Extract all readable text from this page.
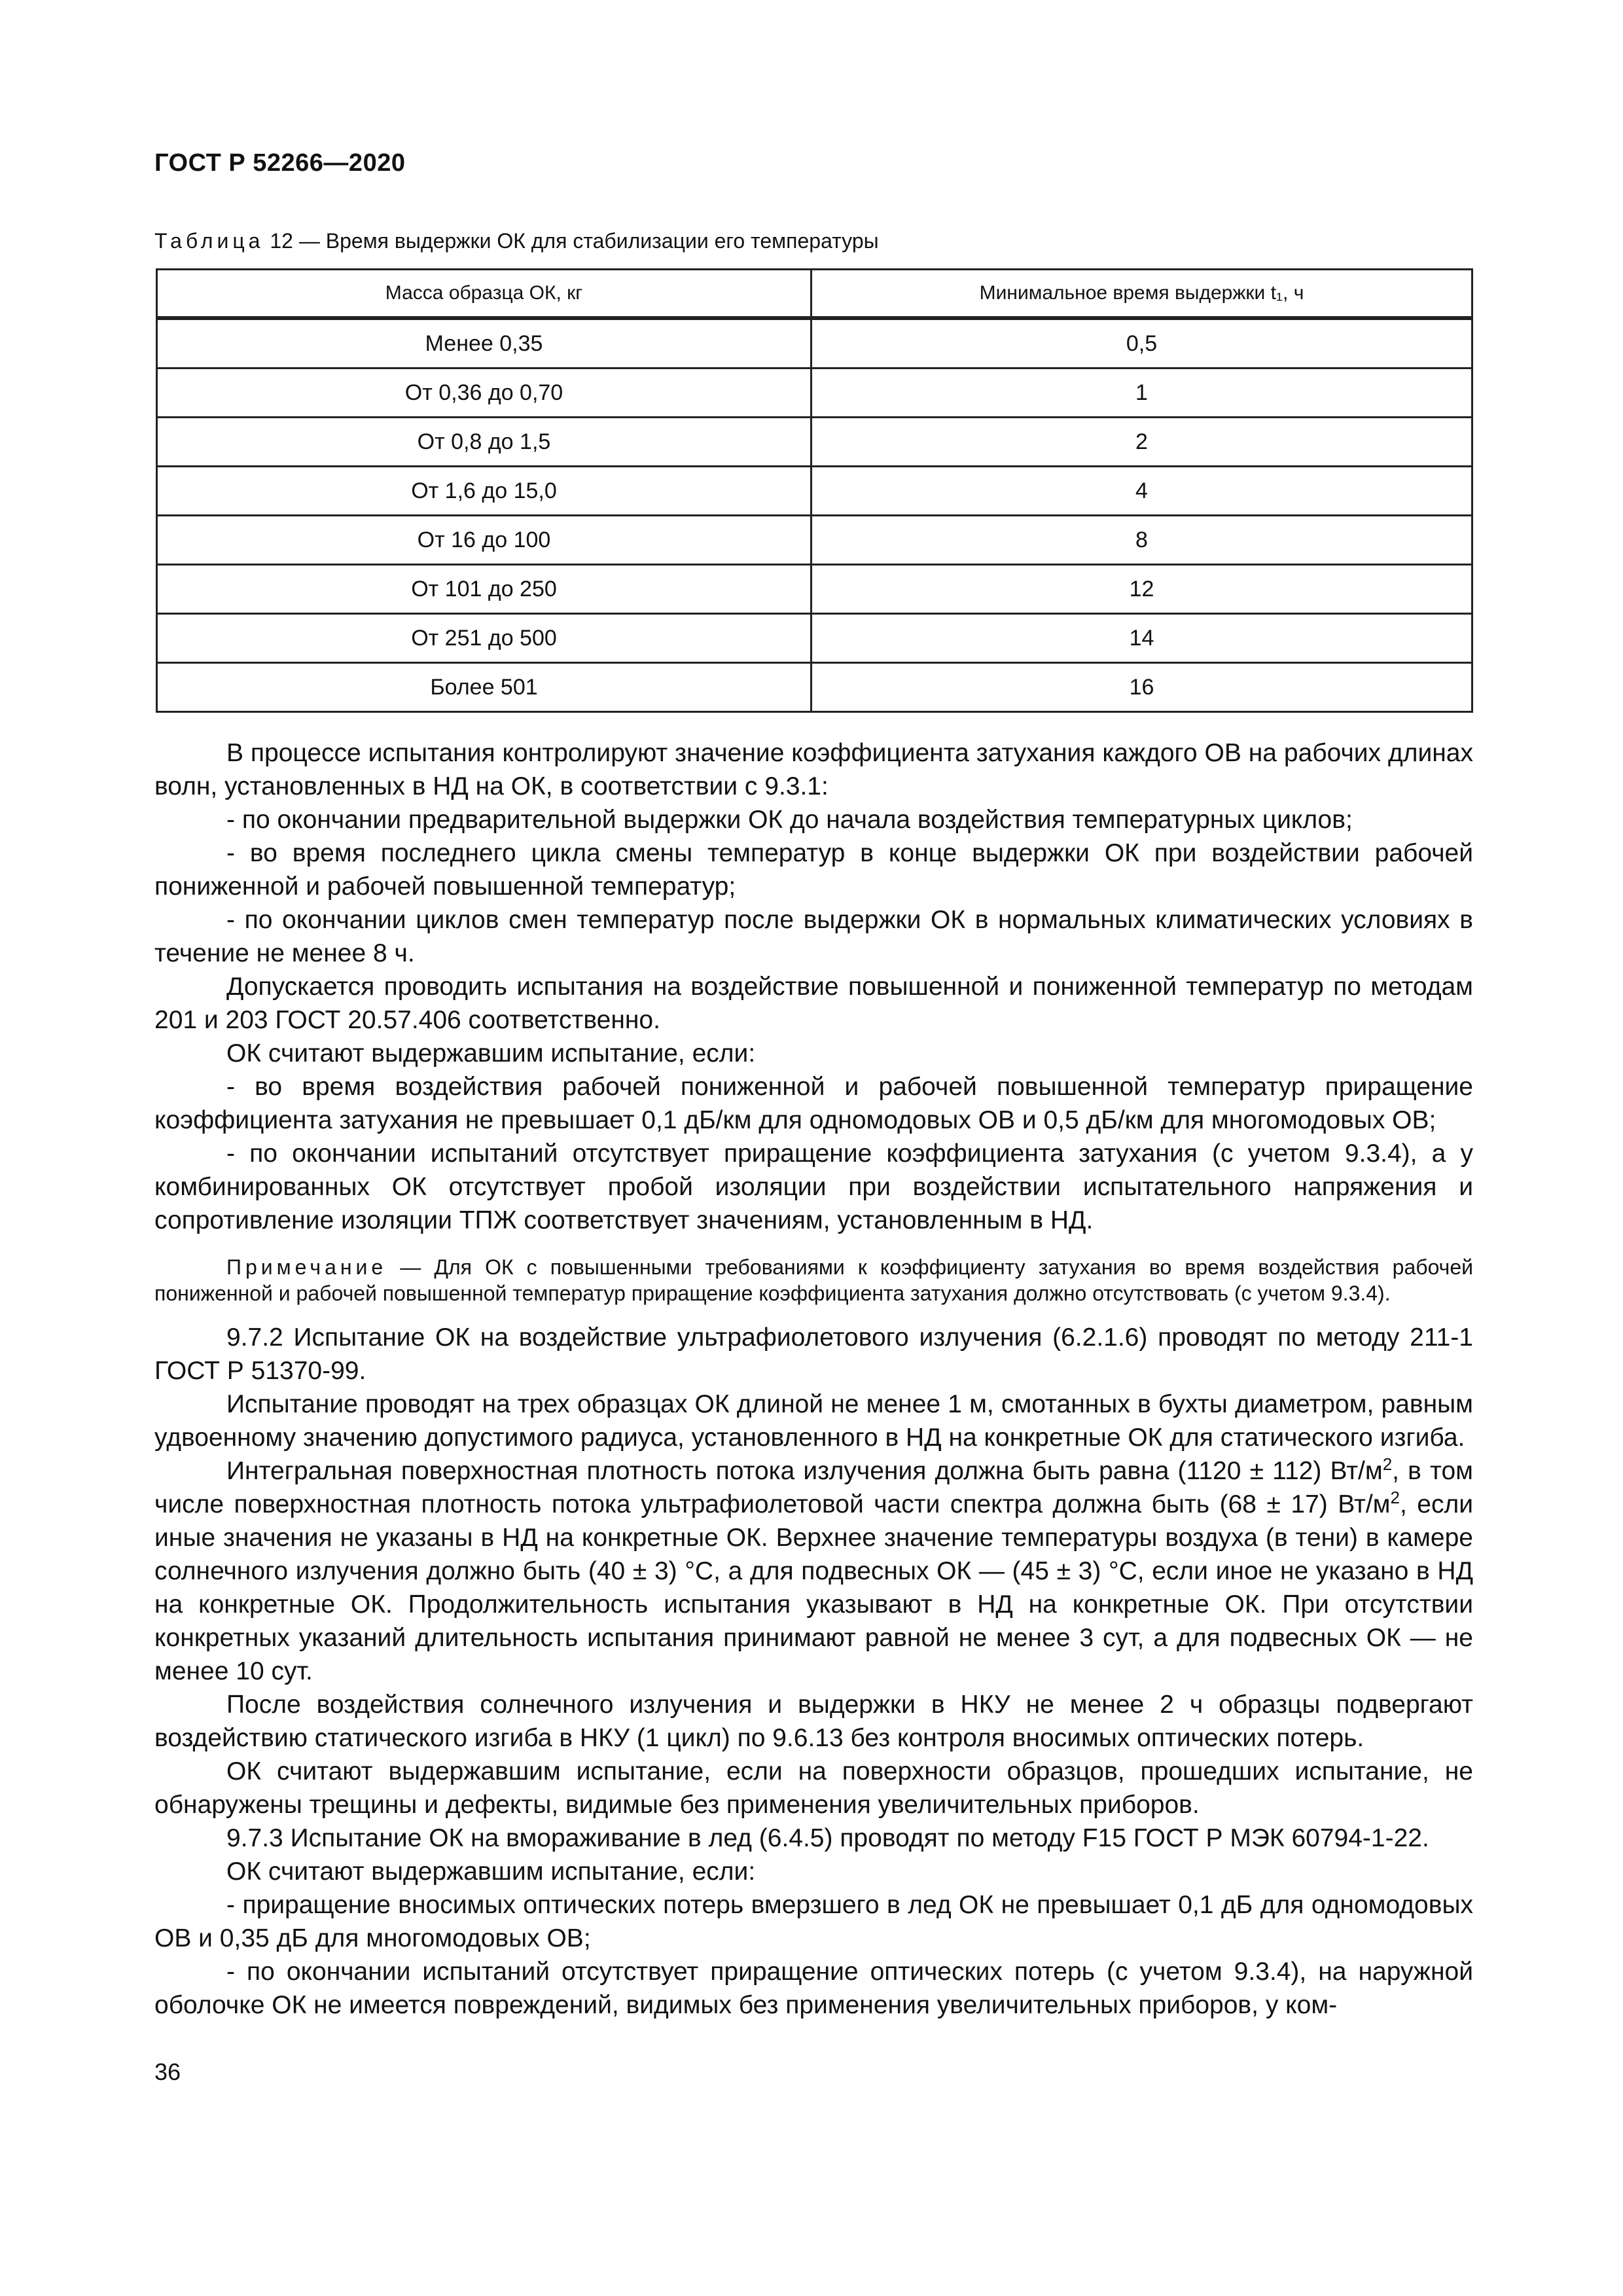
ГОСТ Р 52266—2020
Таблица 12 — Время выдержки ОК для стабилизации его температуры
Масса образца ОК, кг	Минимальное время выдержки t₁, ч
Менее 0,35	0,5
От 0,36 до 0,70	1
От 0,8 до 1,5	2
От 1,6 до 15,0	4
От 16 до 100	8
От 101 до 250	12
От 251 до 500	14
Более 501	16

В процессе испытания контролируют значение коэффициента затухания каждого ОВ на рабочих длинах волн, установленных в НД на ОК, в соответствии с 9.3.1:

- по окончании предварительной выдержки ОК до начала воздействия температурных циклов;

- во время последнего цикла смены температур в конце выдержки ОК при воздействии рабочей пониженной и рабочей повышенной температур;

- по окончании циклов смен температур после выдержки ОК в нормальных климатических условиях в течение не менее 8 ч.

Допускается проводить испытания на воздействие повышенной и пониженной температур по методам 201 и 203 ГОСТ 20.57.406 соответственно.

ОК считают выдержавшим испытание, если:

- во время воздействия рабочей пониженной и рабочей повышенной температур приращение коэффициента затухания не превышает 0,1 дБ/км для одномодовых ОВ и 0,5 дБ/км для многомодовых ОВ;

- по окончании испытаний отсутствует приращение коэффициента затухания (с учетом 9.3.4), а у комбинированных ОК отсутствует пробой изоляции при воздействии испытательного напряжения и сопротивление изоляции ТПЖ соответствует значениям, установленным в НД.

Примечание — Для ОК с повышенными требованиями к коэффициенту затухания во время воздействия рабочей пониженной и рабочей повышенной температур приращение коэффициента затухания должно отсутствовать (с учетом 9.3.4).

9.7.2 Испытание ОК на воздействие ультрафиолетового излучения (6.2.1.6) проводят по методу 211-1 ГОСТ Р 51370-99.

Испытание проводят на трех образцах ОК длиной не менее 1 м, смотанных в бухты диаметром, равным удвоенному значению допустимого радиуса, установленного в НД на конкретные ОК для статического изгиба.

Интегральная поверхностная плотность потока излучения должна быть равна (1120 ± 112) $Вт/м^2$, в том числе поверхностная плотность потока ультрафиолетовой части спектра должна быть (68 ± 17) $Вт/м^2$, если иные значения не указаны в НД на конкретные ОК. Верхнее значение температуры воздуха (в тени) в камере солнечного излучения должно быть (40 ± 3) °С, а для подвесных ОК — (45 ± 3) °С, если иное не указано в НД на конкретные ОК. Продолжительность испытания указывают в НД на конкретные ОК. При отсутствии конкретных указаний длительность испытания принимают равной не менее 3 сут, а для подвесных ОК — не менее 10 сут.

После воздействия солнечного излучения и выдержки в НКУ не менее 2 ч образцы подвергают воздействию статического изгиба в НКУ (1 цикл) по 9.6.13 без контроля вносимых оптических потерь.

ОК считают выдержавшим испытание, если на поверхности образцов, прошедших испытание, не обнаружены трещины и дефекты, видимые без применения увеличительных приборов.

9.7.3 Испытание ОК на вмораживание в лед (6.4.5) проводят по методу F15 ГОСТ Р МЭК 60794-1-22.

ОК считают выдержавшим испытание, если:

- приращение вносимых оптических потерь вмерзшего в лед ОК не превышает 0,1 дБ для одномодовых ОВ и 0,35 дБ для многомодовых ОВ;

- по окончании испытаний отсутствует приращение оптических потерь (с учетом 9.3.4), на наружной оболочке ОК не имеется повреждений, видимых без применения увеличительных приборов, у ком-

36
